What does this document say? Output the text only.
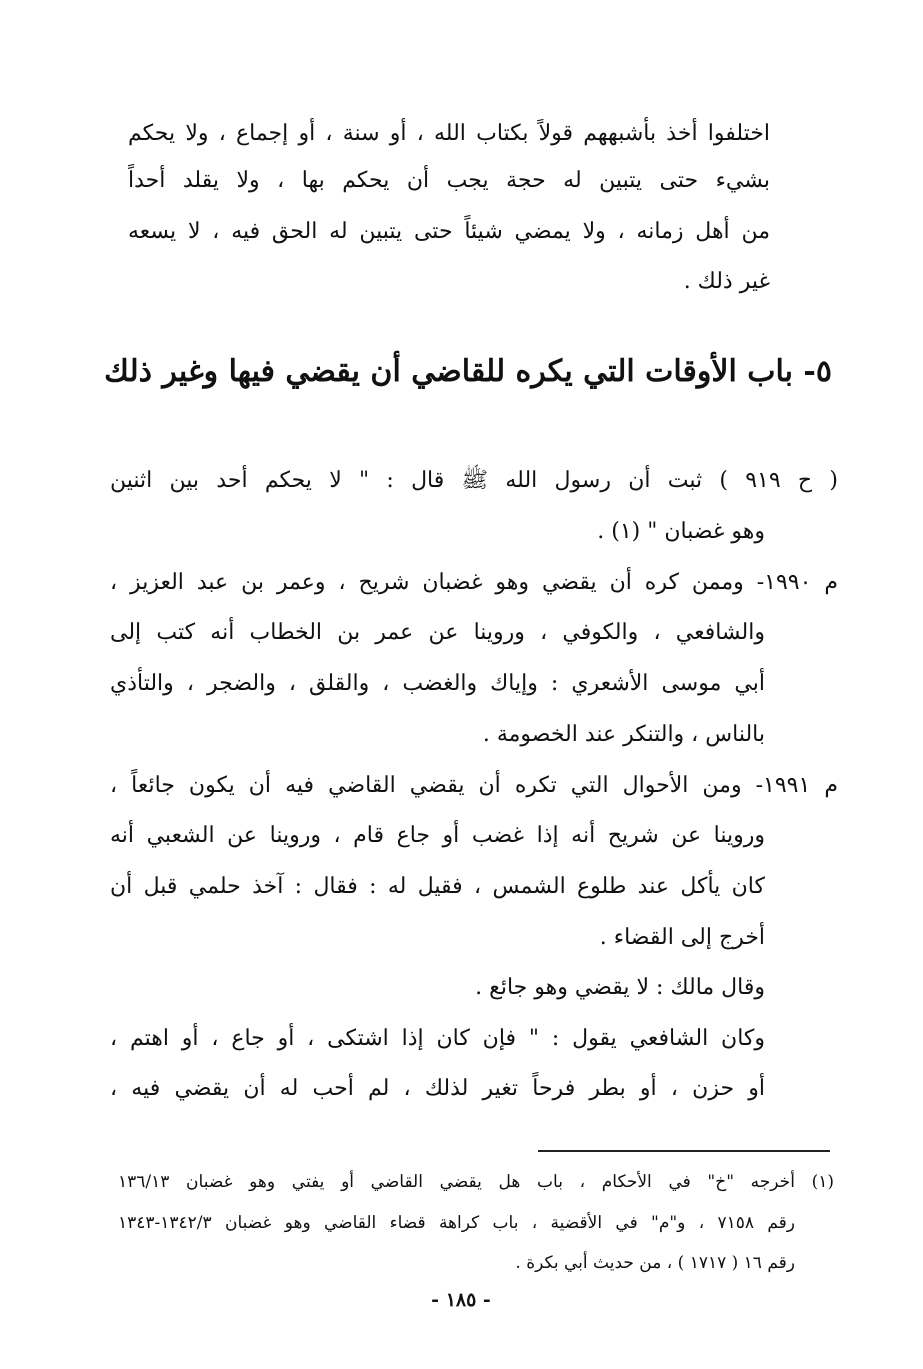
اختلفوا أخذ بأشبههم قولاً بكتاب الله ، أو سنة ، أو إجماع ، ولا يحكم
بشيء حتى يتبين له حجة يجب أن يحكم بها ، ولا يقلد أحداً
من أهل زمانه ، ولا يمضي شيئاً حتى يتبين له الحق فيه ، لا يسعه
غير ذلك .
٥- باب الأوقات التي يكره للقاضي أن يقضي فيها وغير ذلك
( ح ٩١٩ ) ثبت أن رسول الله ﷺ قال : " لا يحكم أحد بين اثنين
وهو غضبان " (١) .
م ١٩٩٠- وممن كره أن يقضي وهو غضبان شريح ، وعمر بن عبد العزيز ،
والشافعي ، والكوفي ، وروينا عن عمر بن الخطاب أنه كتب إلى
أبي موسى الأشعري : وإياك والغضب ، والقلق ، والضجر ، والتأذي
بالناس ، والتنكر عند الخصومة .
م ١٩٩١- ومن الأحوال التي تكره أن يقضي القاضي فيه أن يكون جائعاً ،
وروينا عن شريح أنه إذا غضب أو جاع قام ، وروينا عن الشعبي أنه
كان يأكل عند طلوع الشمس ، فقيل له : فقال : آخذ حلمي قبل أن
أخرج إلى القضاء .
وقال مالك : لا يقضي وهو جائع .
وكان الشافعي يقول : " فإن كان إذا اشتكى ، أو جاع ، أو اهتم ،
أو حزن ، أو بطر فرحاً تغير لذلك ، لم أحب له أن يقضي فيه ،
(١) أخرجه "خ" في الأحكام ، باب هل يقضي القاضي أو يفتي وهو غضبان ١٣٦/١٣
رقم ٧١٥٨ ، و"م" في الأقضية ، باب كراهة قضاء القاضي وهو غضبان ١٣٤٢/٣-١٣٤٣
رقم ١٦ ( ١٧١٧ ) ، من حديث أبي بكرة .
- ١٨٥ -
